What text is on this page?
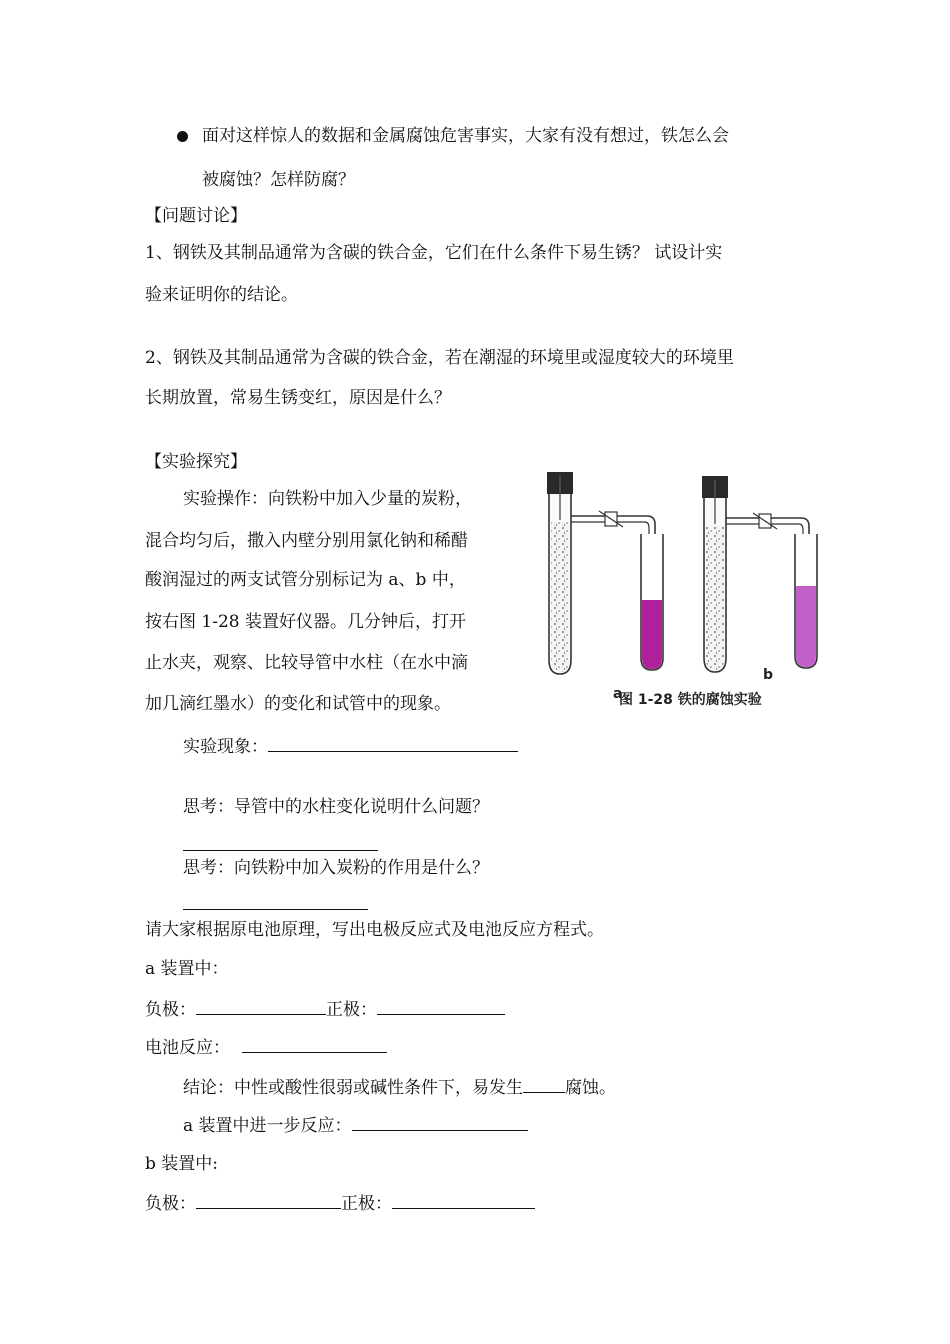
面对这样惊人的数据和金属腐蚀危害事实，大家有没有想过，铁怎么会
被腐蚀？怎样防腐？
【问题讨论】
1、钢铁及其制品通常为含碳的铁合金，它们在什么条件下易生锈？ 试设计实
验来证明你的结论。
2、钢铁及其制品通常为含碳的铁合金，若在潮湿的环境里或湿度较大的环境里
长期放置，常易生锈变红，原因是什么？
【实验探究】
实验操作：向铁粉中加入少量的炭粉，
混合均匀后，撒入内壁分别用氯化钠和稀醋
酸润湿过的两支试管分别标记为 a、b 中，
按右图 1-28 装置好仪器。几分钟后，打开
止水夹，观察、比较导管中水柱（在水中滴
加几滴红墨水）的变化和试管中的现象。
实验现象：
思考：导管中的水柱变化说明什么问题？
思考：向铁粉中加入炭粉的作用是什么？
a
b
图 1-28 铁的腐蚀实验
请大家根据原电池原理，写出电极反应式及电池反应方程式。
a 装置中：
负极：	正极：
电池反应：
结论：中性或酸性很弱或碱性条件下，易发生 腐蚀。
a 装置中进一步反应：
b 装置中:
负极：	正极：
